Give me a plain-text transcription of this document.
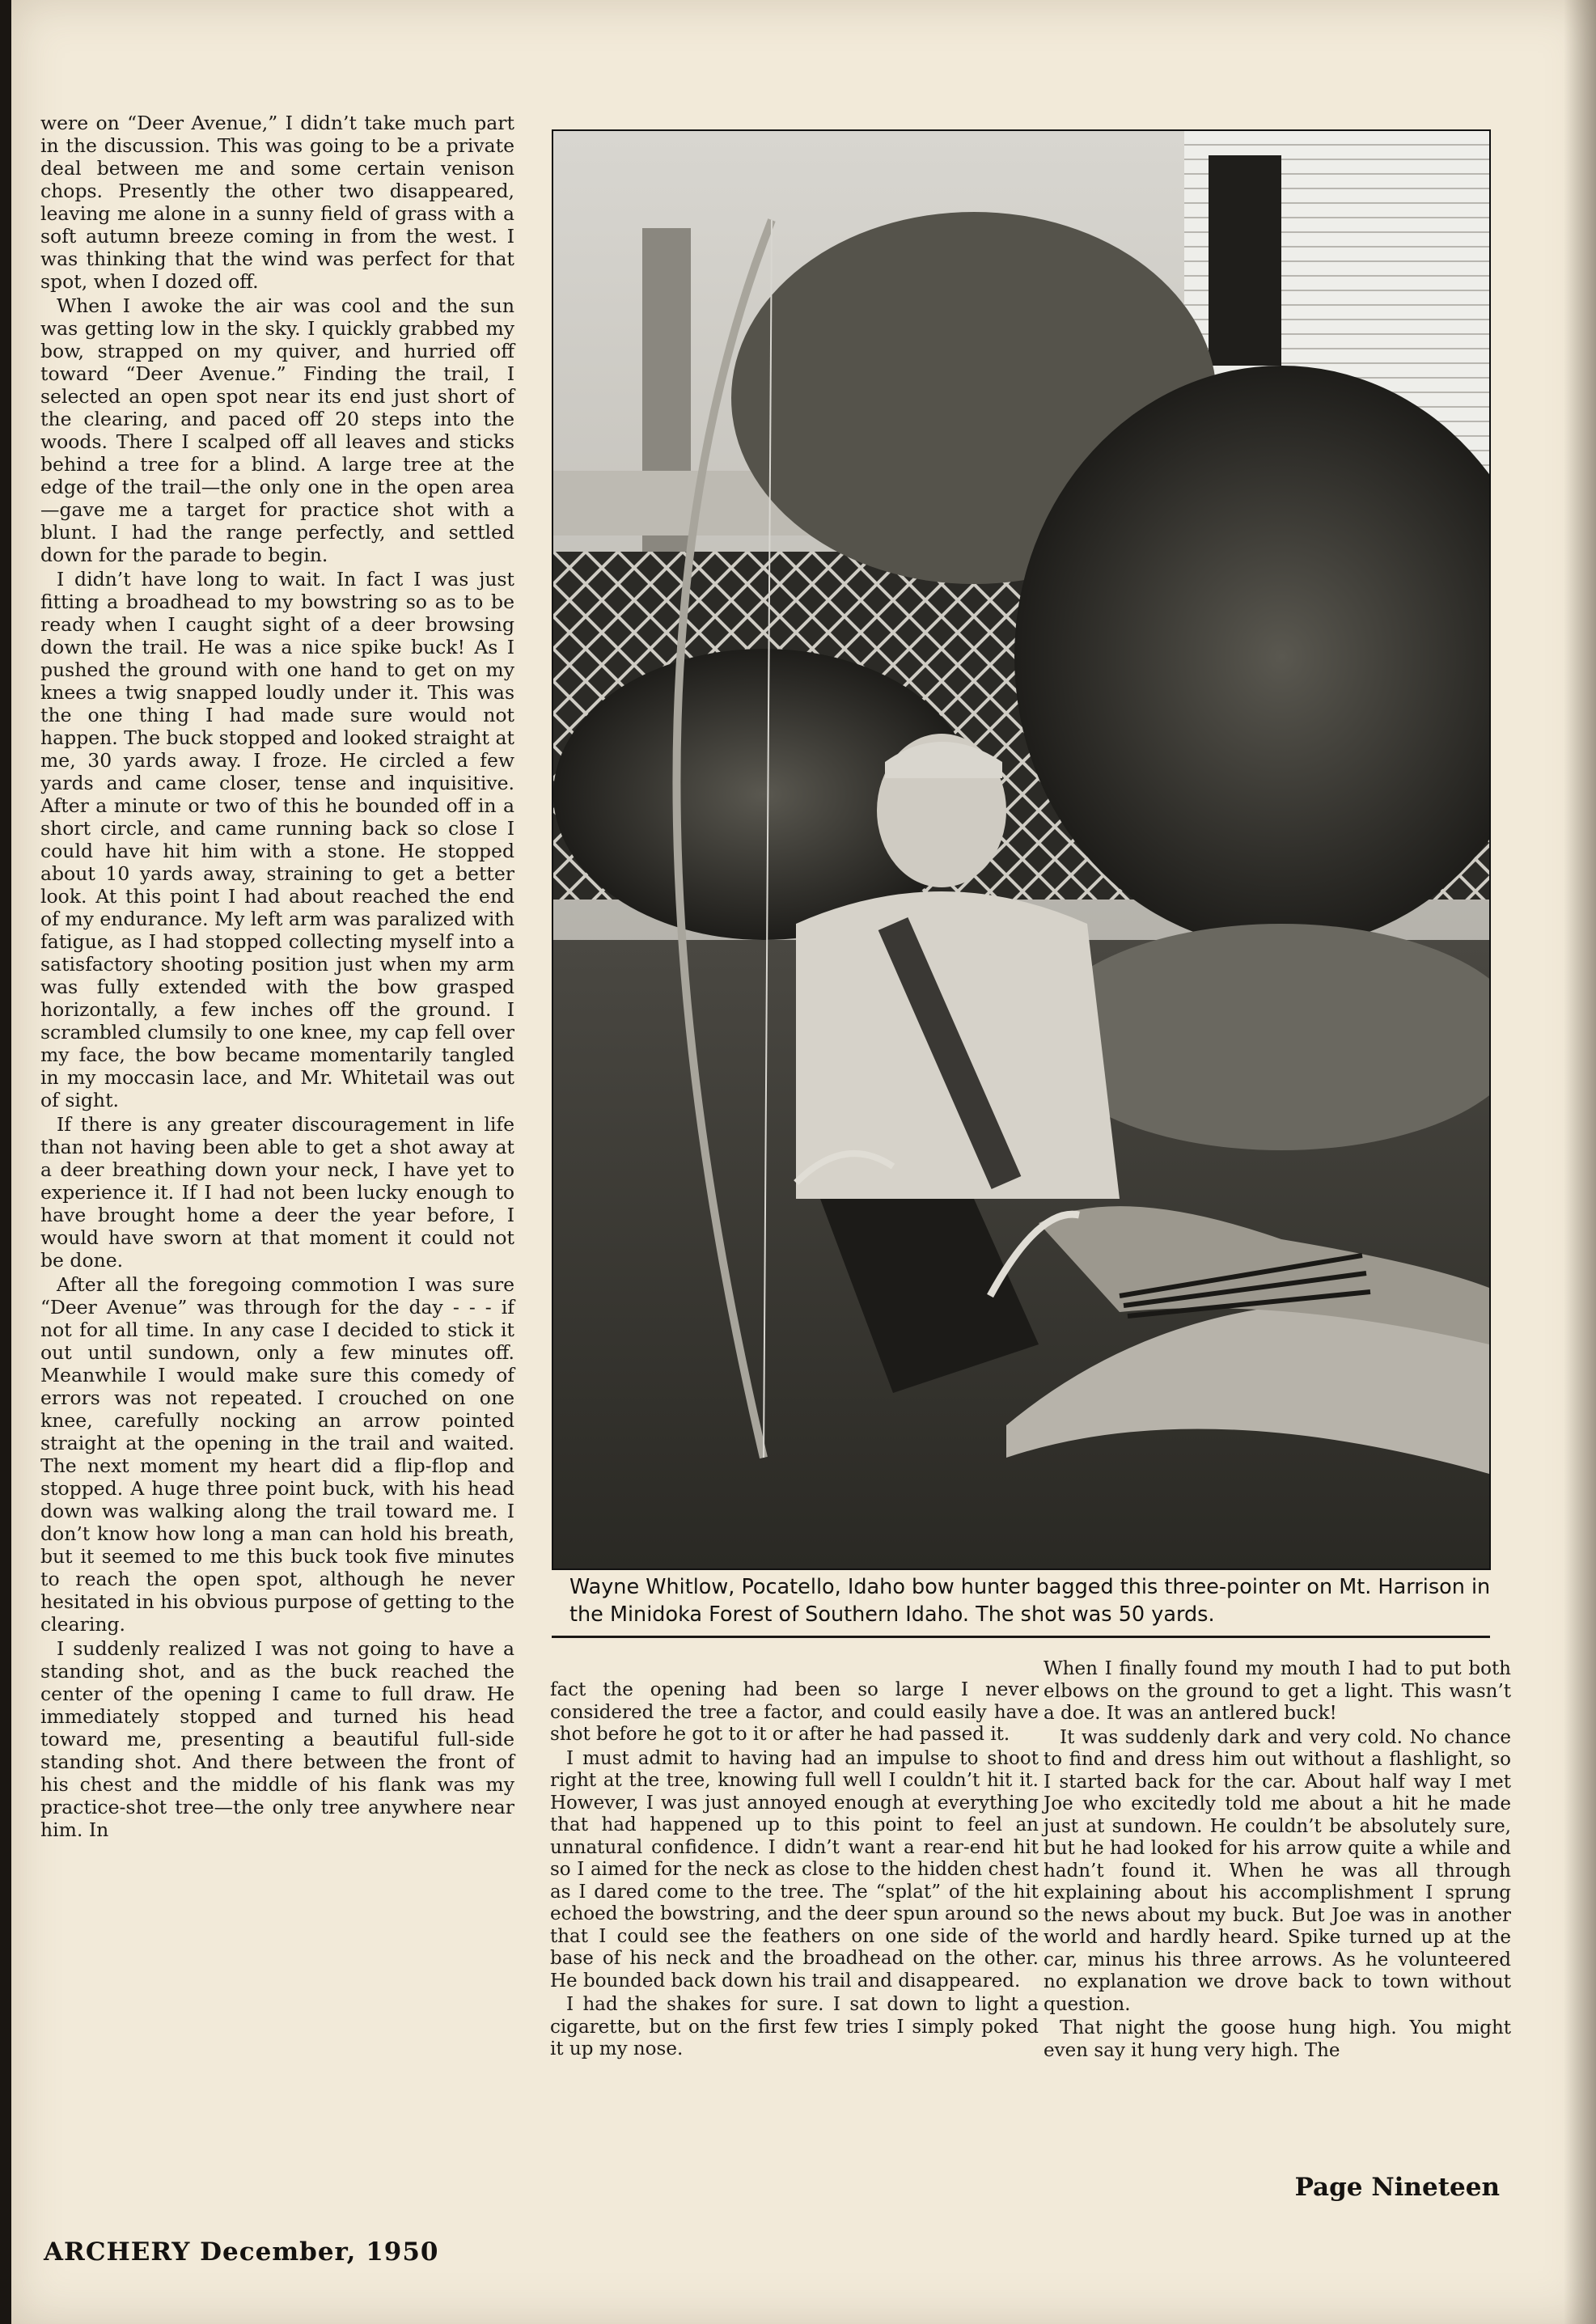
were on “Deer Avenue,” I didn’t take much part in the discussion. This was going to be a private deal between me and some certain venison chops. Presently the other two disappeared, leaving me alone in a sunny field of grass with a soft autumn breeze coming in from the west. I was thinking that the wind was perfect for that spot, when I dozed off.

When I awoke the air was cool and the sun was getting low in the sky. I quickly grabbed my bow, strapped on my quiver, and hurried off toward “Deer Avenue.” Finding the trail, I selected an open spot near its end just short of the clearing, and paced off 20 steps into the woods. There I scalped off all leaves and sticks behind a tree for a blind. A large tree at the edge of the trail—the only one in the open area—gave me a target for practice shot with a blunt. I had the range perfectly, and settled down for the parade to begin.

I didn’t have long to wait. In fact I was just fitting a broadhead to my bowstring so as to be ready when I caught sight of a deer browsing down the trail. He was a nice spike buck! As I pushed the ground with one hand to get on my knees a twig snapped loudly under it. This was the one thing I had made sure would not happen. The buck stopped and looked straight at me, 30 yards away. I froze. He circled a few yards and came closer, tense and inquisitive. After a minute or two of this he bounded off in a short circle, and came running back so close I could have hit him with a stone. He stopped about 10 yards away, straining to get a better look. At this point I had about reached the end of my endurance. My left arm was paralized with fatigue, as I had stopped collecting myself into a satisfactory shooting position just when my arm was fully extended with the bow grasped horizontally, a few inches off the ground. I scrambled clumsily to one knee, my cap fell over my face, the bow became momentarily tangled in my moccasin lace, and Mr. Whitetail was out of sight.

If there is any greater discouragement in life than not having been able to get a shot away at a deer breathing down your neck, I have yet to experience it. If I had not been lucky enough to have brought home a deer the year before, I would have sworn at that moment it could not be done.

After all the foregoing commotion I was sure “Deer Avenue” was through for the day - - - if not for all time. In any case I decided to stick it out until sundown, only a few minutes off. Meanwhile I would make sure this comedy of errors was not repeated. I crouched on one knee, carefully nocking an arrow pointed straight at the opening in the trail and waited. The next moment my heart did a flip-flop and stopped. A huge three point buck, with his head down was walking along the trail toward me. I don’t know how long a man can hold his breath, but it seemed to me this buck took five minutes to reach the open spot, although he never hesitated in his obvious purpose of getting to the clearing.

I suddenly realized I was not going to have a standing shot, and as the buck reached the center of the opening I came to full draw. He immediately stopped and turned his head toward me, presenting a beautiful full-side standing shot. And there between the front of his chest and the middle of his flank was my practice-shot tree—the only tree anywhere near him. In

Wayne Whitlow, Pocatello, Idaho bow hunter bagged this three-pointer on Mt. Harrison in the Minidoka Forest of Southern Idaho. The shot was 50 yards.

fact the opening had been so large I never considered the tree a factor, and could easily have shot before he got to it or after he had passed it.

I must admit to having had an impulse to shoot right at the tree, knowing full well I couldn’t hit it. However, I was just annoyed enough at everything that had happened up to this point to feel an unnatural confidence. I didn’t want a rear-end hit so I aimed for the neck as close to the hidden chest as I dared come to the tree. The “splat” of the hit echoed the bowstring, and the deer spun around so that I could see the feathers on one side of the base of his neck and the broadhead on the other. He bounded back down his trail and disappeared.

I had the shakes for sure. I sat down to light a cigarette, but on the first few tries I simply poked it up my nose.

When I finally found my mouth I had to put both elbows on the ground to get a light. This wasn’t a doe. It was an antlered buck!

It was suddenly dark and very cold. No chance to find and dress him out without a flashlight, so I started back for the car. About half way I met Joe who excitedly told me about a hit he made just at sundown. He couldn’t be absolutely sure, but he had looked for his arrow quite a while and hadn’t found it. When he was all through explaining about his accomplishment I sprung the news about my buck. But Joe was in another world and hardly heard. Spike turned up at the car, minus his three arrows. As he volunteered no explanation we drove back to town without question.

That night the goose hung high. You might even say it hung very high. The

Page Nineteen
ARCHERY December, 1950
